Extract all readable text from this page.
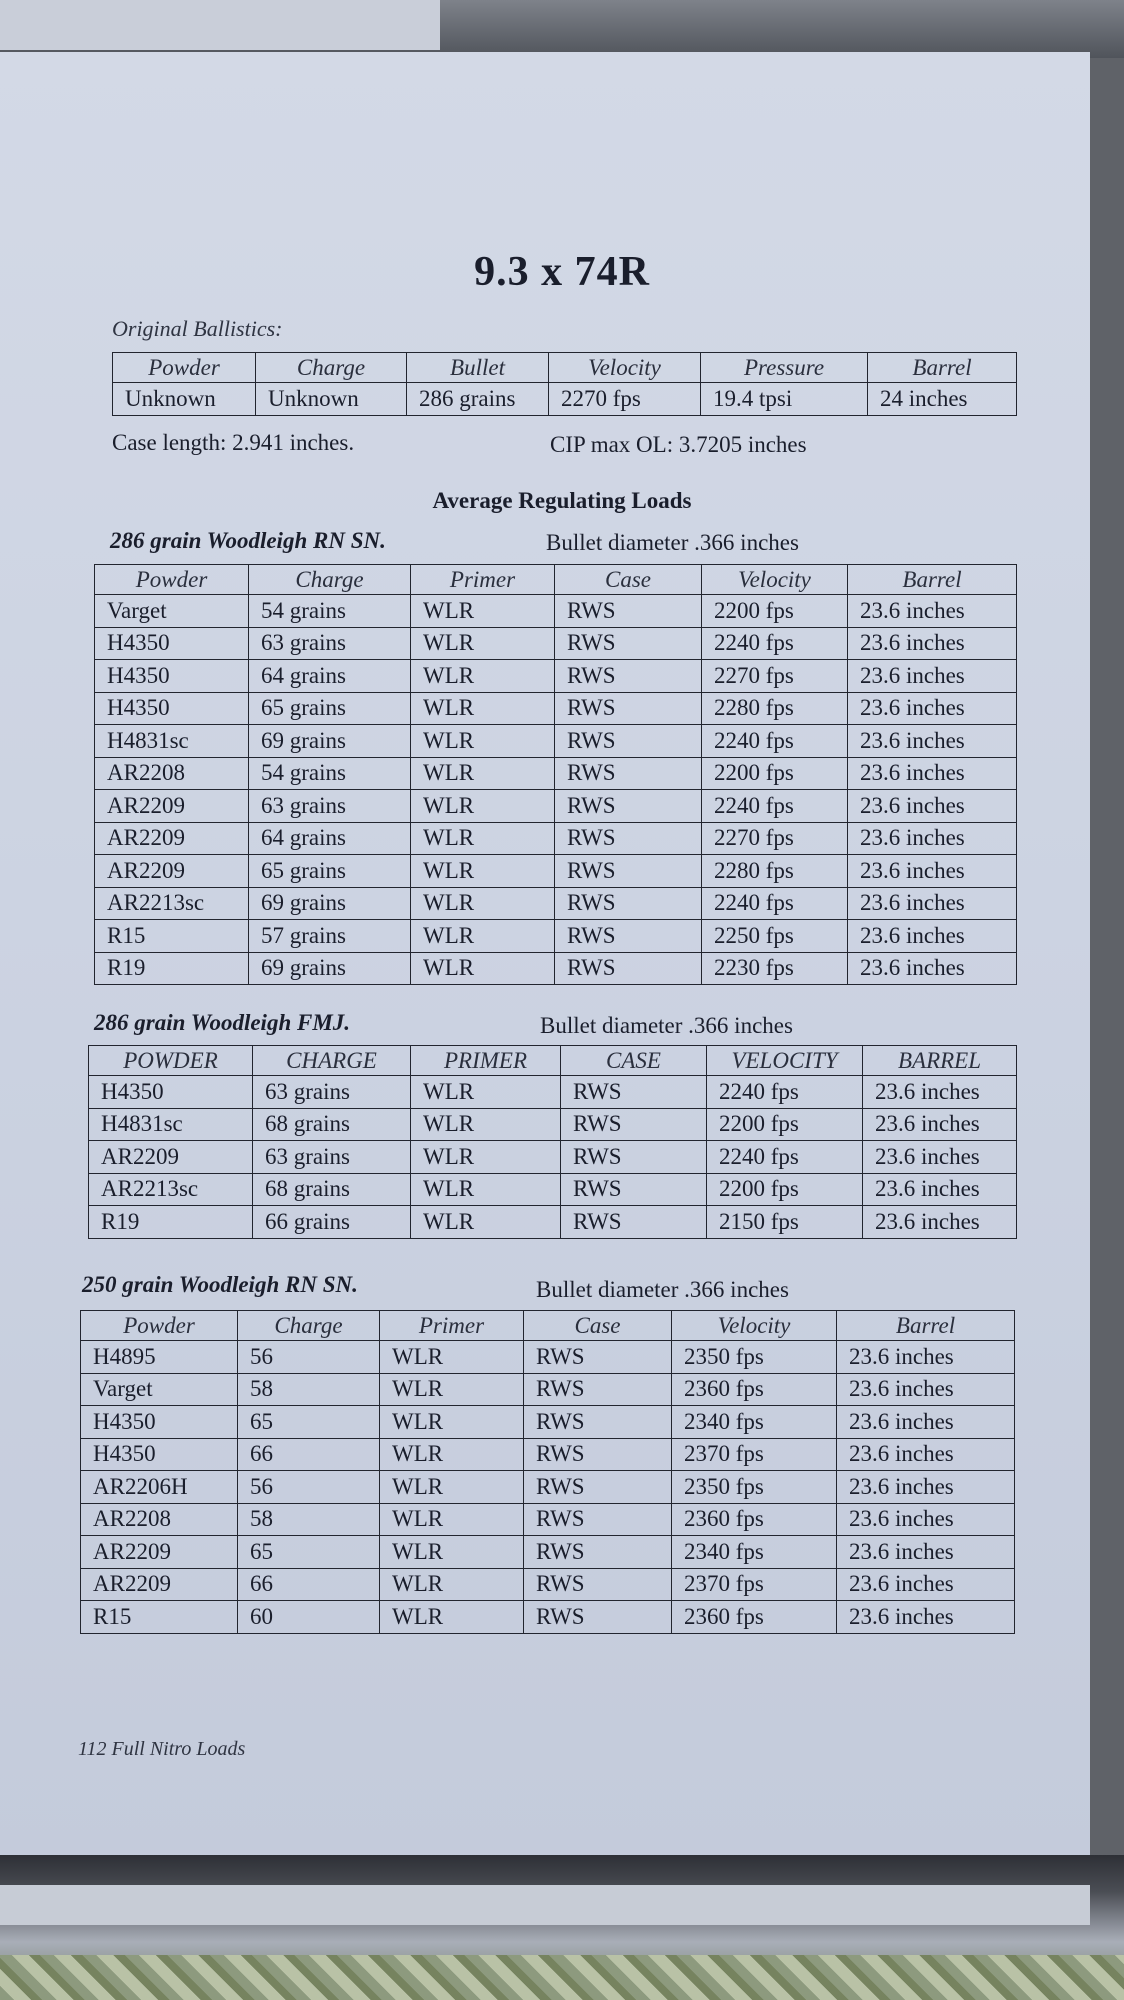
9.3 x 74R
Original Ballistics:
Powder	Charge	Bullet	Velocity	Pressure	Barrel
Unknown	Unknown	286 grains	2270 fps	19.4 tpsi	24 inches
Case length: 2.941 inches.	CIP max OL: 3.7205 inches
Average Regulating Loads
286 grain Woodleigh RN SN.	Bullet diameter .366 inches
Powder	Charge	Primer	Case	Velocity	Barrel
Varget	54 grains	WLR	RWS	2200 fps	23.6 inches
H4350	63 grains	WLR	RWS	2240 fps	23.6 inches
H4350	64 grains	WLR	RWS	2270 fps	23.6 inches
H4350	65 grains	WLR	RWS	2280 fps	23.6 inches
H4831sc	69 grains	WLR	RWS	2240 fps	23.6 inches
AR2208	54 grains	WLR	RWS	2200 fps	23.6 inches
AR2209	63 grains	WLR	RWS	2240 fps	23.6 inches
AR2209	64 grains	WLR	RWS	2270 fps	23.6 inches
AR2209	65 grains	WLR	RWS	2280 fps	23.6 inches
AR2213sc	69 grains	WLR	RWS	2240 fps	23.6 inches
R15	57 grains	WLR	RWS	2250 fps	23.6 inches
R19	69 grains	WLR	RWS	2230 fps	23.6 inches
286 grain Woodleigh FMJ.	Bullet diameter .366 inches
POWDER	CHARGE	PRIMER	CASE	VELOCITY	BARREL
H4350	63 grains	WLR	RWS	2240 fps	23.6 inches
H4831sc	68 grains	WLR	RWS	2200 fps	23.6 inches
AR2209	63 grains	WLR	RWS	2240 fps	23.6 inches
AR2213sc	68 grains	WLR	RWS	2200 fps	23.6 inches
R19	66 grains	WLR	RWS	2150 fps	23.6 inches
250 grain Woodleigh RN SN.	Bullet diameter .366 inches
Powder	Charge	Primer	Case	Velocity	Barrel
H4895	56	WLR	RWS	2350 fps	23.6 inches
Varget	58	WLR	RWS	2360 fps	23.6 inches
H4350	65	WLR	RWS	2340 fps	23.6 inches
H4350	66	WLR	RWS	2370 fps	23.6 inches
AR2206H	56	WLR	RWS	2350 fps	23.6 inches
AR2208	58	WLR	RWS	2360 fps	23.6 inches
AR2209	65	WLR	RWS	2340 fps	23.6 inches
AR2209	66	WLR	RWS	2370 fps	23.6 inches
R15	60	WLR	RWS	2360 fps	23.6 inches
112 Full Nitro Loads
